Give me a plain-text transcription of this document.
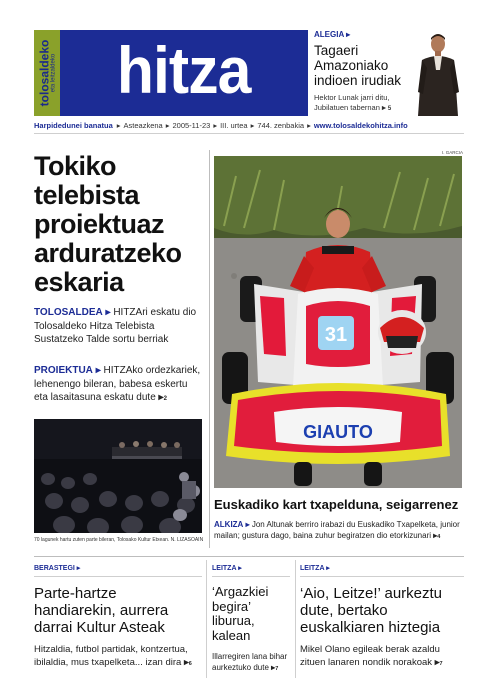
tolosaldeko eta leitzaldeko hitza	ALEGIA ▸
Tagaeri Amazoniako indioen irudiak
Hektor Lunak jarri ditu, Jubilatuen tabernan ▸ 5
Harpidedunei banatua ▸ Asteazkena ▸ 2005-11-23 ▸ III. urtea ▸ 744. zenbakia ▸ www.tolosaldekohitza.info
Tokiko telebista proiektuaz arduratzeko eskaria
TOLOSALDEA ▸ HITZAri eskatu dio Tolosaldeko Hitza Telebista Sustatzeko Talde sortu berriak
PROIEKTUA ▸ HITZAko ordezkariek, lehenengo bileran, babesa eskertu eta lasaitasuna eskatu dute ▸2
70 lagunek hartu zuten parte bileran, Tolosako Kultur Etxean. N. LIZASOAIN
I. GARCIA
31
GIAUTO
Euskadiko kart txapelduna, seigarrenez
ALKIZA ▸ Jon Altunak berriro irabazi du Euskadiko Txapelketa, junior mailan; gustura dago, baina zuhur begiratzen dio etorkizunari ▸4
BERASTEGI ▸
Parte-hartze handiarekin, aurrera darrai Kultur Asteak
Hitzaldia, futbol partidak, kontzertua, ibilaldia, mus txapelketa... izan dira ▸6
LEITZA ▸
‘Argazkiei begira’ liburua, kalean
Illarregiren lana bihar aurkeztuko dute ▸7
LEITZA ▸
‘Aio, Leitze!’ aurkeztu dute, bertako euskalkiaren hiztegia
Mikel Olano egileak berak azaldu zituen lanaren nondik norakoak ▸7
